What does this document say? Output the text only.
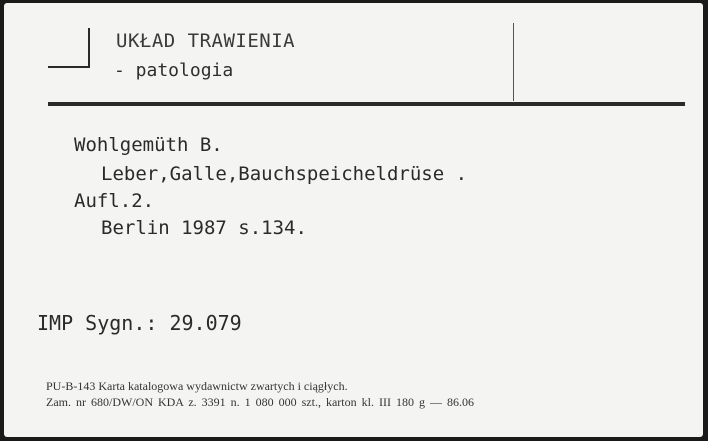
UKŁAD TRAWIENIA
- patologia
Wohlgemüth B.
Leber,Galle,Bauchspeicheldrüse .
Aufl.2.
Berlin 1987 s.134.
IMP Sygn.: 29.079
PU-B-143 Karta katalogowa wydawnictw zwartych i ciągłych.
Zam. nr 680/DW/ON KDA z. 3391 n. 1 080 000 szt., karton kl. III 180 g — 86.06
